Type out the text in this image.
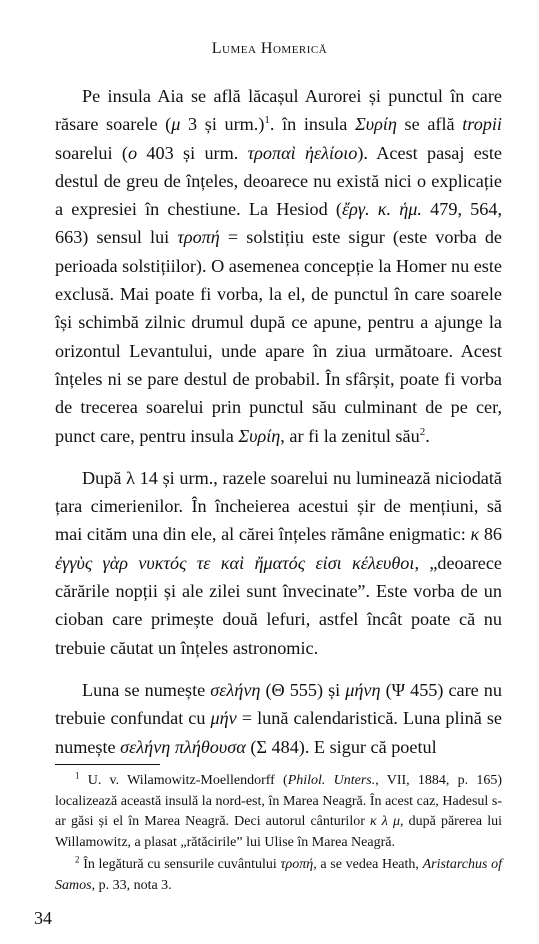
Lumea Homerică

Pe insula Aia se află lăcașul Aurorei și punctul în care răsare soarele (μ 3 și urm.)$^1$. în insula Συρίη se află tropii soarelui (ο 403 și urm. τροπαὶ ἠελίοιο). Acest pasaj este destul de greu de înțeles, deoarece nu există nici o explicație a expresiei în chestiune. La Hesiod (ἔργ. κ. ἡμ. 479, 564, 663) sensul lui τροπή = solstițiu este sigur (este vorba de perioada solstițiilor). O asemenea concepție la Homer nu este exclusă. Mai poate fi vorba, la el, de punctul în care soarele își schimbă zilnic drumul după ce apune, pentru a ajunge la orizontul Levantului, unde apare în ziua următoare. Acest înțeles ni se pare destul de probabil. În sfârșit, poate fi vorba de trecerea soarelui prin punctul său culminant de pe cer, punct care, pentru insula Συρίη, ar fi la zenitul său$^2$.

După λ 14 și urm., razele soarelui nu luminează niciodată țara cimerienilor. În încheierea acestui șir de mențiuni, să mai cităm una din ele, al cărei înțeles rămâne enigmatic: κ 86 ἐγγὺς γὰρ νυκτός τε καὶ ἤματός εἰσι κέλευθοι, „deoarece cărările nopții și ale zilei sunt învecinate”. Este vorba de un cioban care primește două lefuri, astfel încât poate că nu trebuie căutat un înțeles astronomic.

Luna se numește σελήνη (Θ 555) și μήνη (Ψ 455) care nu trebuie confundat cu μήν = lună calendaristică. Luna plină se numește σελήνη πλήθουσα (Σ 484). E sigur că poetul

$^1$ U. v. Wilamowitz-Moellendorff (Philol. Unters., VII, 1884, p. 165) localizează această insulă la nord-est, în Marea Neagră. În acest caz, Hadesul s-ar găsi și el în Marea Neagră. Deci autorul cânturilor κ λ μ, după părerea lui Willamowitz, a plasat „rătăcirile” lui Ulise în Marea Neagră.

$^2$ În legătură cu sensurile cuvântului τροπή, a se vedea Heath, Aristarchus of Samos, p. 33, nota 3.

34
